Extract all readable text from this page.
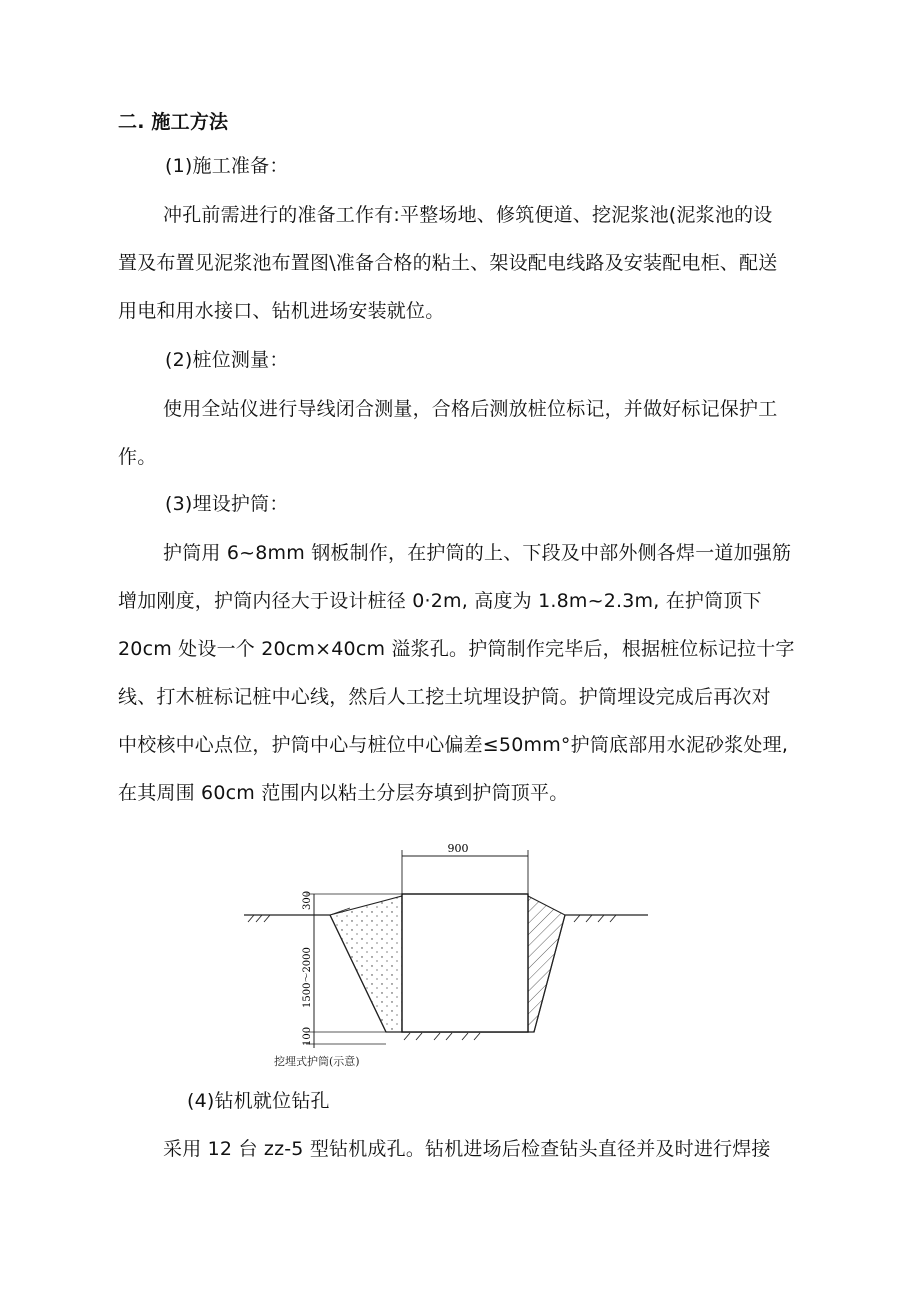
二. 施工方法
(1)施工准备：
冲孔前需进行的准备工作有:平整场地、修筑便道、挖泥浆池(泥浆池的设
置及布置见泥浆池布置图\准备合格的粘土、架设配电线路及安装配电柜、配送
用电和用水接口、钻机进场安装就位。
(2)桩位测量：
使用全站仪进行导线闭合测量，合格后测放桩位标记，并做好标记保护工
作。
(3)埋设护筒：
护筒用 6~8mm 钢板制作，在护筒的上、下段及中部外侧各焊一道加强筋
增加刚度，护筒内径大于设计桩径 0·2m, 高度为 1.8m~2.3m, 在护筒顶下
20cm 处设一个 20cm×40cm 溢浆孔。护筒制作完毕后，根据桩位标记拉十字
线、打木桩标记桩中心线，然后人工挖土坑埋设护筒。护筒埋设完成后再次对
中校核中心点位，护筒中心与桩位中心偏差≤50mm°护筒底部用水泥砂浆处理,
在其周围 60cm 范围内以粘土分层夯填到护筒顶平。
900
300
1500～2000
100
挖埋式护筒(示意)
(4)钻机就位钻孔
采用 12 台 zz-5 型钻机成孔。钻机进场后检查钻头直径并及时进行焊接
